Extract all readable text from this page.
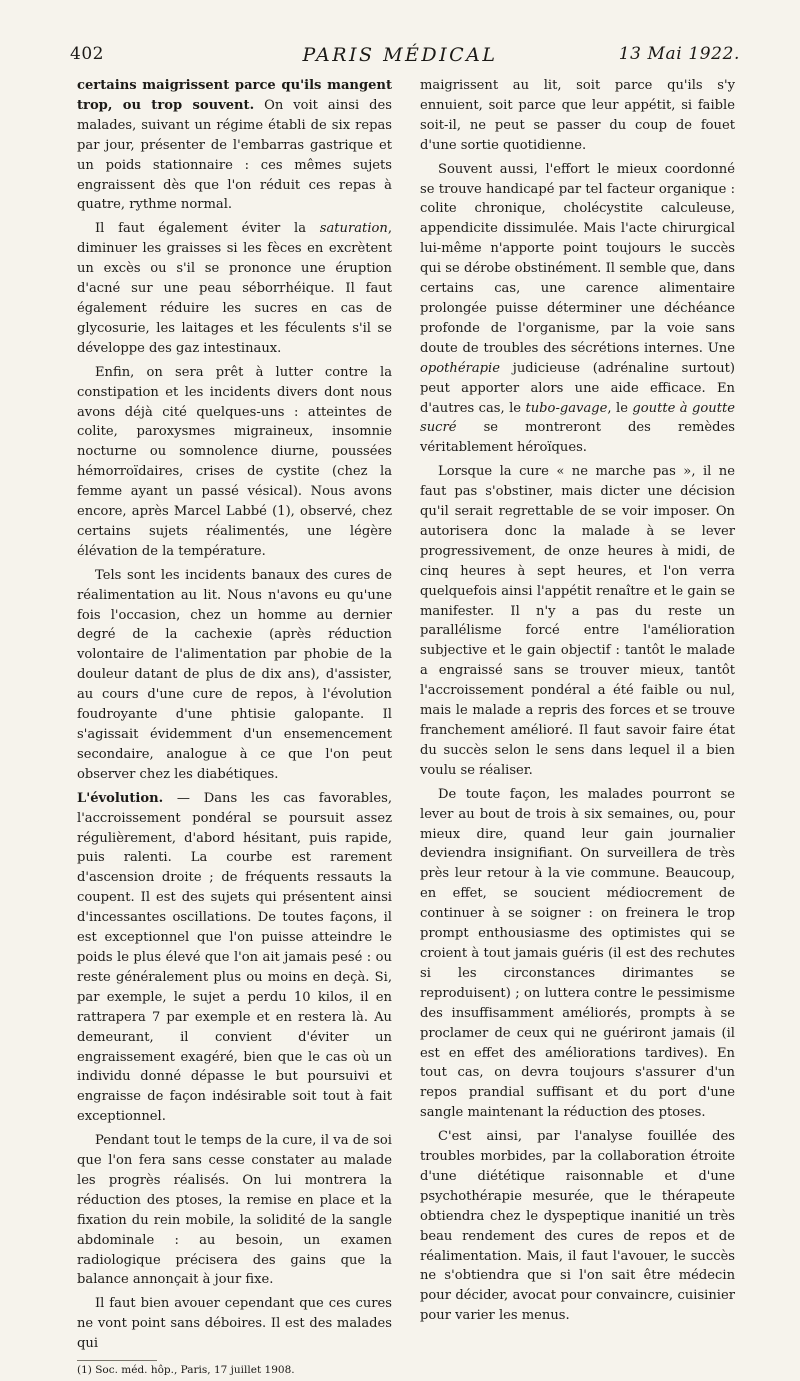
402	PARIS MÉDICAL	13 Mai 1922.

certains maigrissent parce qu'ils mangent trop, ou trop souvent. On voit ainsi des malades, suivant un régime établi de six repas par jour, présenter de l'embarras gastrique et un poids stationnaire : ces mêmes sujets engraissent dès que l'on réduit ces repas à quatre, rythme normal.

Il faut également éviter la saturation, diminuer les graisses si les fèces en excrètent un excès ou s'il se prononce une éruption d'acné sur une peau séborrhéique. Il faut également réduire les sucres en cas de glycosurie, les laitages et les féculents s'il se développe des gaz intestinaux.

Enfin, on sera prêt à lutter contre la constipation et les incidents divers dont nous avons déjà cité quelques-uns : atteintes de colite, paroxysmes migraineux, insomnie nocturne ou somnolence diurne, poussées hémorroïdaires, crises de cystite (chez la femme ayant un passé vésical). Nous avons encore, après Marcel Labbé (1), observé, chez certains sujets réalimentés, une légère élévation de la température.

Tels sont les incidents banaux des cures de réalimentation au lit. Nous n'avons eu qu'une fois l'occasion, chez un homme au dernier degré de la cachexie (après réduction volontaire de l'alimentation par phobie de la douleur datant de plus de dix ans), d'assister, au cours d'une cure de repos, à l'évolution foudroyante d'une phtisie galopante. Il s'agissait évidemment d'un ensemencement secondaire, analogue à ce que l'on peut observer chez les diabétiques.

L'évolution. — Dans les cas favorables, l'accroissement pondéral se poursuit assez régulièrement, d'abord hésitant, puis rapide, puis ralenti. La courbe est rarement d'ascension droite ; de fréquents ressauts la coupent. Il est des sujets qui présentent ainsi d'incessantes oscillations. De toutes façons, il est exceptionnel que l'on puisse atteindre le poids le plus élevé que l'on ait jamais pesé : ou reste généralement plus ou moins en deçà. Si, par exemple, le sujet a perdu 10 kilos, il en rattrapera 7 par exemple et en restera là. Au demeurant, il convient d'éviter un engraissement exagéré, bien que le cas où un individu donné dépasse le but poursuivi et engraisse de façon indésirable soit tout à fait exceptionnel.

Pendant tout le temps de la cure, il va de soi que l'on fera sans cesse constater au malade les progrès réalisés. On lui montrera la réduction des ptoses, la remise en place et la fixation du rein mobile, la solidité de la sangle abdominale : au besoin, un examen radiologique précisera des gains que la balance annonçait à jour fixe.

Il faut bien avouer cependant que ces cures ne vont point sans déboires. Il est des malades qui

(1) Soc. méd. hôp., Paris, 17 juillet 1908.

maigrissent au lit, soit parce qu'ils s'y ennuient, soit parce que leur appétit, si faible soit-il, ne peut se passer du coup de fouet d'une sortie quotidienne.

Souvent aussi, l'effort le mieux coordonné se trouve handicapé par tel facteur organique : colite chronique, cholécystite calculeuse, appendicite dissimulée. Mais l'acte chirurgical lui-même n'apporte point toujours le succès qui se dérobe obstinément. Il semble que, dans certains cas, une carence alimentaire prolongée puisse déterminer une déchéance profonde de l'organisme, par la voie sans doute de troubles des sécrétions internes. Une opothérapie judicieuse (adrénaline surtout) peut apporter alors une aide efficace. En d'autres cas, le tubo-gavage, le goutte à goutte sucré se montreront des remèdes véritablement héroïques.

Lorsque la cure « ne marche pas », il ne faut pas s'obstiner, mais dicter une décision qu'il serait regrettable de se voir imposer. On autorisera donc la malade à se lever progressivement, de onze heures à midi, de cinq heures à sept heures, et l'on verra quelquefois ainsi l'appétit renaître et le gain se manifester. Il n'y a pas du reste un parallélisme forcé entre l'amélioration subjective et le gain objectif : tantôt le malade a engraissé sans se trouver mieux, tantôt l'accroissement pondéral a été faible ou nul, mais le malade a repris des forces et se trouve franchement amélioré. Il faut savoir faire état du succès selon le sens dans lequel il a bien voulu se réaliser.

De toute façon, les malades pourront se lever au bout de trois à six semaines, ou, pour mieux dire, quand leur gain journalier deviendra insignifiant. On surveillera de très près leur retour à la vie commune. Beaucoup, en effet, se soucient médiocrement de continuer à se soigner : on freinera le trop prompt enthousiasme des optimistes qui se croient à tout jamais guéris (il est des rechutes si les circonstances dirimantes se reproduisent) ; on luttera contre le pessimisme des insuffisamment améliorés, prompts à se proclamer de ceux qui ne guériront jamais (il est en effet des améliorations tardives). En tout cas, on devra toujours s'assurer d'un repos prandial suffisant et du port d'une sangle maintenant la réduction des ptoses.

C'est ainsi, par l'analyse fouillée des troubles morbides, par la collaboration étroite d'une diététique raisonnable et d'une psychothérapie mesurée, que le thérapeute obtiendra chez le dyspeptique inanitié un très beau rendement des cures de repos et de réalimentation. Mais, il faut l'avouer, le succès ne s'obtiendra que si l'on sait être médecin pour décider, avocat pour convaincre, cuisinier pour varier les menus.
